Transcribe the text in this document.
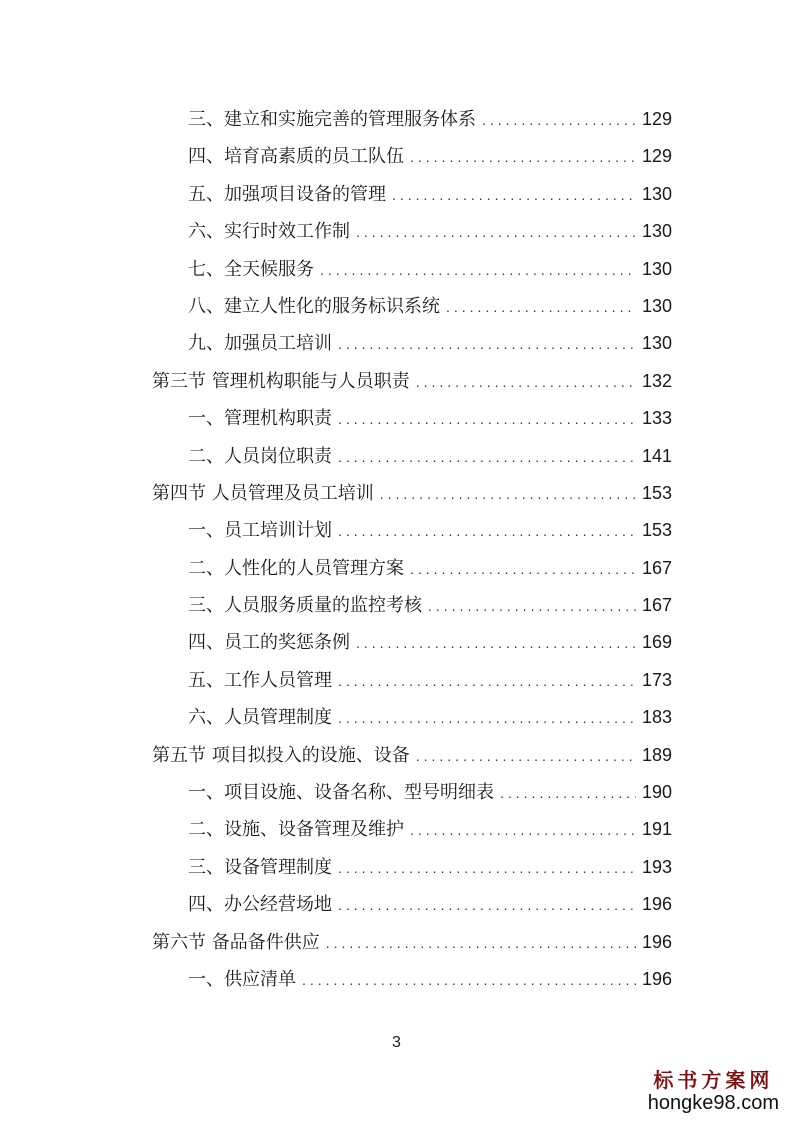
三、建立和实施完善的管理服务体系 .....	129
四、培育高素质的员工队伍 .....	129
五、加强项目设备的管理 .....	130
六、实行时效工作制 .....	130
七、全天候服务 .....	130
八、建立人性化的服务标识系统 .....	130
九、加强员工培训 .....	130
第三节 管理机构职能与人员职责 .....	132
一、管理机构职责 .....	133
二、人员岗位职责 .....	141
第四节 人员管理及员工培训 .....	153
一、员工培训计划 .....	153
二、人性化的人员管理方案 .....	167
三、人员服务质量的监控考核 .....	167
四、员工的奖惩条例 .....	169
五、工作人员管理 .....	173
六、人员管理制度 .....	183
第五节 项目拟投入的设施、设备 .....	189
一、项目设施、设备名称、型号明细表 .....	190
二、设施、设备管理及维护 .....	191
三、设备管理制度 .....	193
四、办公经营场地 .....	196
第六节 备品备件供应 .....	196
一、供应清单 .....	196
3
标书方案网
hongke98.com
